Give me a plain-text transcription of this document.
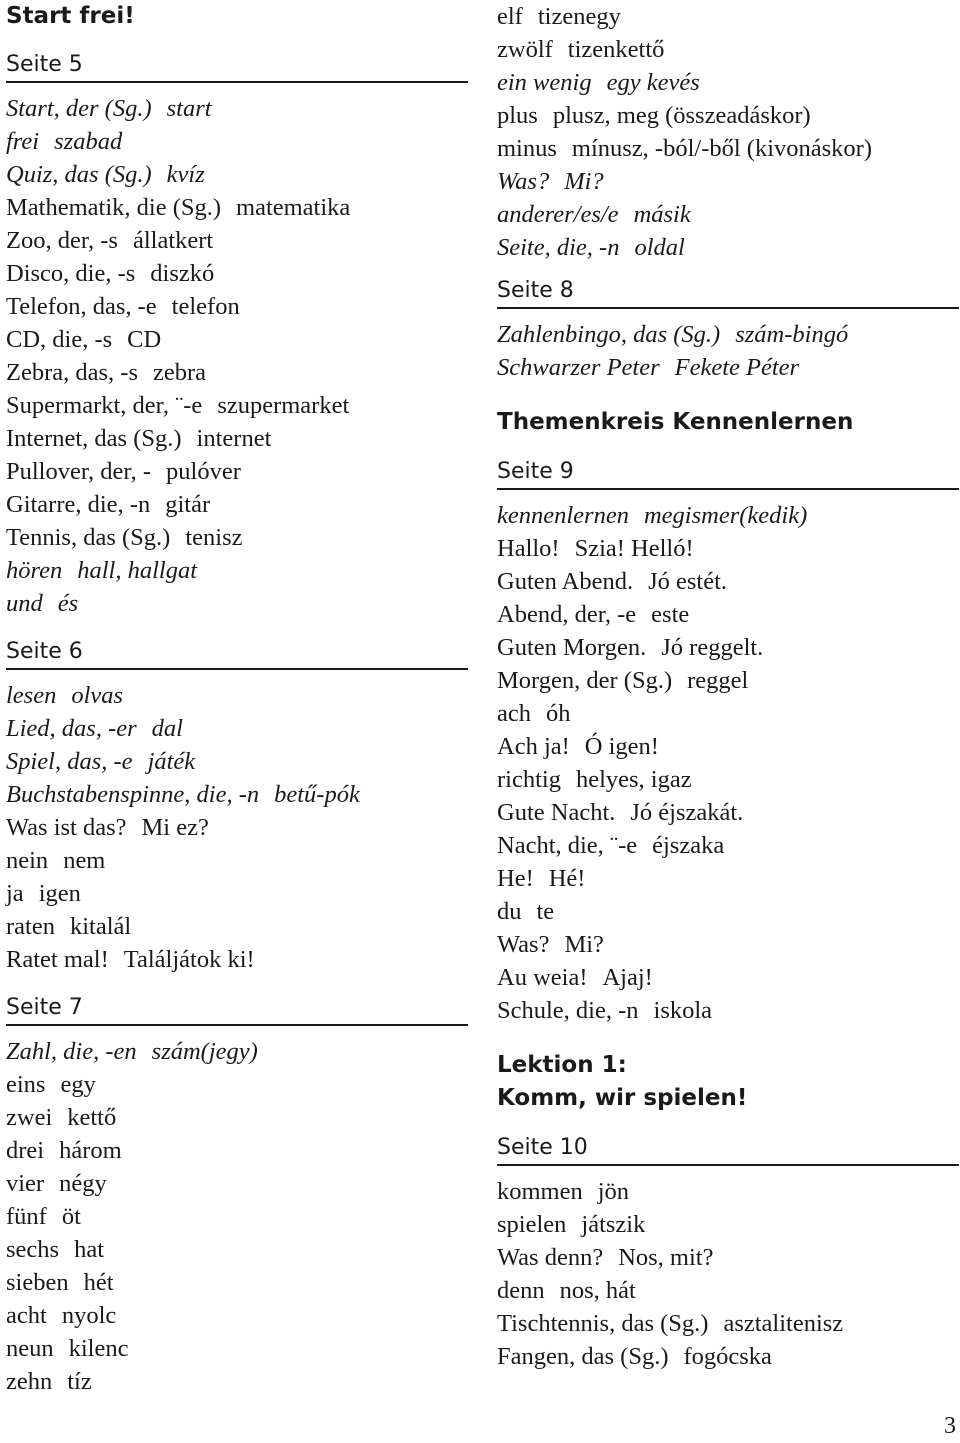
Start frei!
Seite 5
Start, der (Sg.) start
frei szabad
Quiz, das (Sg.) kvíz
Mathematik, die (Sg.) matematika
Zoo, der, -s állatkert
Disco, die, -s diszkó
Telefon, das, -e telefon
CD, die, -s CD
Zebra, das, -s zebra
Supermarkt, der, ¨-e szupermarket
Internet, das (Sg.) internet
Pullover, der, - pulóver
Gitarre, die, -n gitár
Tennis, das (Sg.) tenisz
hören hall, hallgat
und és
Seite 6
lesen olvas
Lied, das, -er dal
Spiel, das, -e játék
Buchstabenspinne, die, -n betű-pók
Was ist das? Mi ez?
nein nem
ja igen
raten kitalál
Ratet mal! Találjátok ki!
Seite 7
Zahl, die, -en szám(jegy)
eins egy
zwei kettő
drei három
vier négy
fünf öt
sechs hat
sieben hét
acht nyolc
neun kilenc
zehn tíz
elf tizenegy
zwölf tizenkettő
ein wenig egy kevés
plus plusz, meg (összeadáskor)
minus mínusz, -ból/-ből (kivonáskor)
Was? Mi?
anderer/es/e másik
Seite, die, -n oldal
Seite 8
Zahlenbingo, das (Sg.) szám-bingó
Schwarzer Peter Fekete Péter
Themenkreis Kennenlernen
Seite 9
kennenlernen megismer(kedik)
Hallo! Szia! Helló!
Guten Abend. Jó estét.
Abend, der, -e este
Guten Morgen. Jó reggelt.
Morgen, der (Sg.) reggel
ach óh
Ach ja! Ó igen!
richtig helyes, igaz
Gute Nacht. Jó éjszakát.
Nacht, die, ¨-e éjszaka
He! Hé!
du te
Was? Mi?
Au weia! Ajaj!
Schule, die, -n iskola
Lektion 1:
Komm, wir spielen!
Seite 10
kommen jön
spielen játszik
Was denn? Nos, mit?
denn nos, hát
Tischtennis, das (Sg.) asztalitenisz
Fangen, das (Sg.) fogócska
3
